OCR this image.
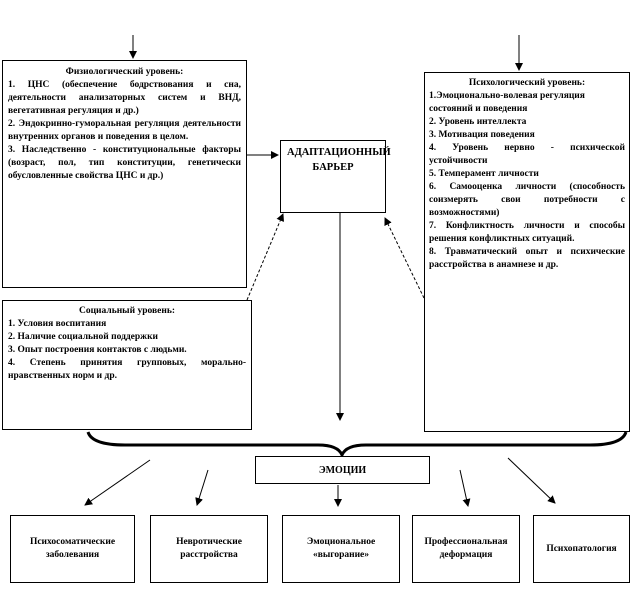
Физиологический уровень:
1. ЦНС (обеспечение бодрствования и сна, деятельности анализаторных систем и ВНД, вегетативная регуляция и др.)
2. Эндокринно-гуморальная регуляция деятельности внутренних органов и поведения в целом.
3. Наследственно - конституциональные факторы (возраст, пол, тип конституции, генетически обусловленные свойства ЦНС и др.)
Психологический уровень:
1.Эмоционально-волевая регуляция состояний и поведения
2. Уровень интеллекта
3. Мотивация поведения
4. Уровень нервно - психической устойчивости
5. Темперамент личности
6. Самооценка личности (способность соизмерять свои потребности с возможностями)
7. Конфликтность личности и способы решения конфликтных ситуаций.
8. Травматический опыт и психические расстройства в анамнезе и др.
Социальный уровень:
1. Условия воспитания
2. Наличие социальной поддержки
3. Опыт построения контактов с людьми.
4. Степень принятия групповых, морально-нравственных норм и др.
АДАПТАЦИОННЫЙ БАРЬЕР
ЭМОЦИИ
Психосоматические заболевания
Невротические расстройства
Эмоциональное «выгорание»
Профессиональная деформация
Психопатология
